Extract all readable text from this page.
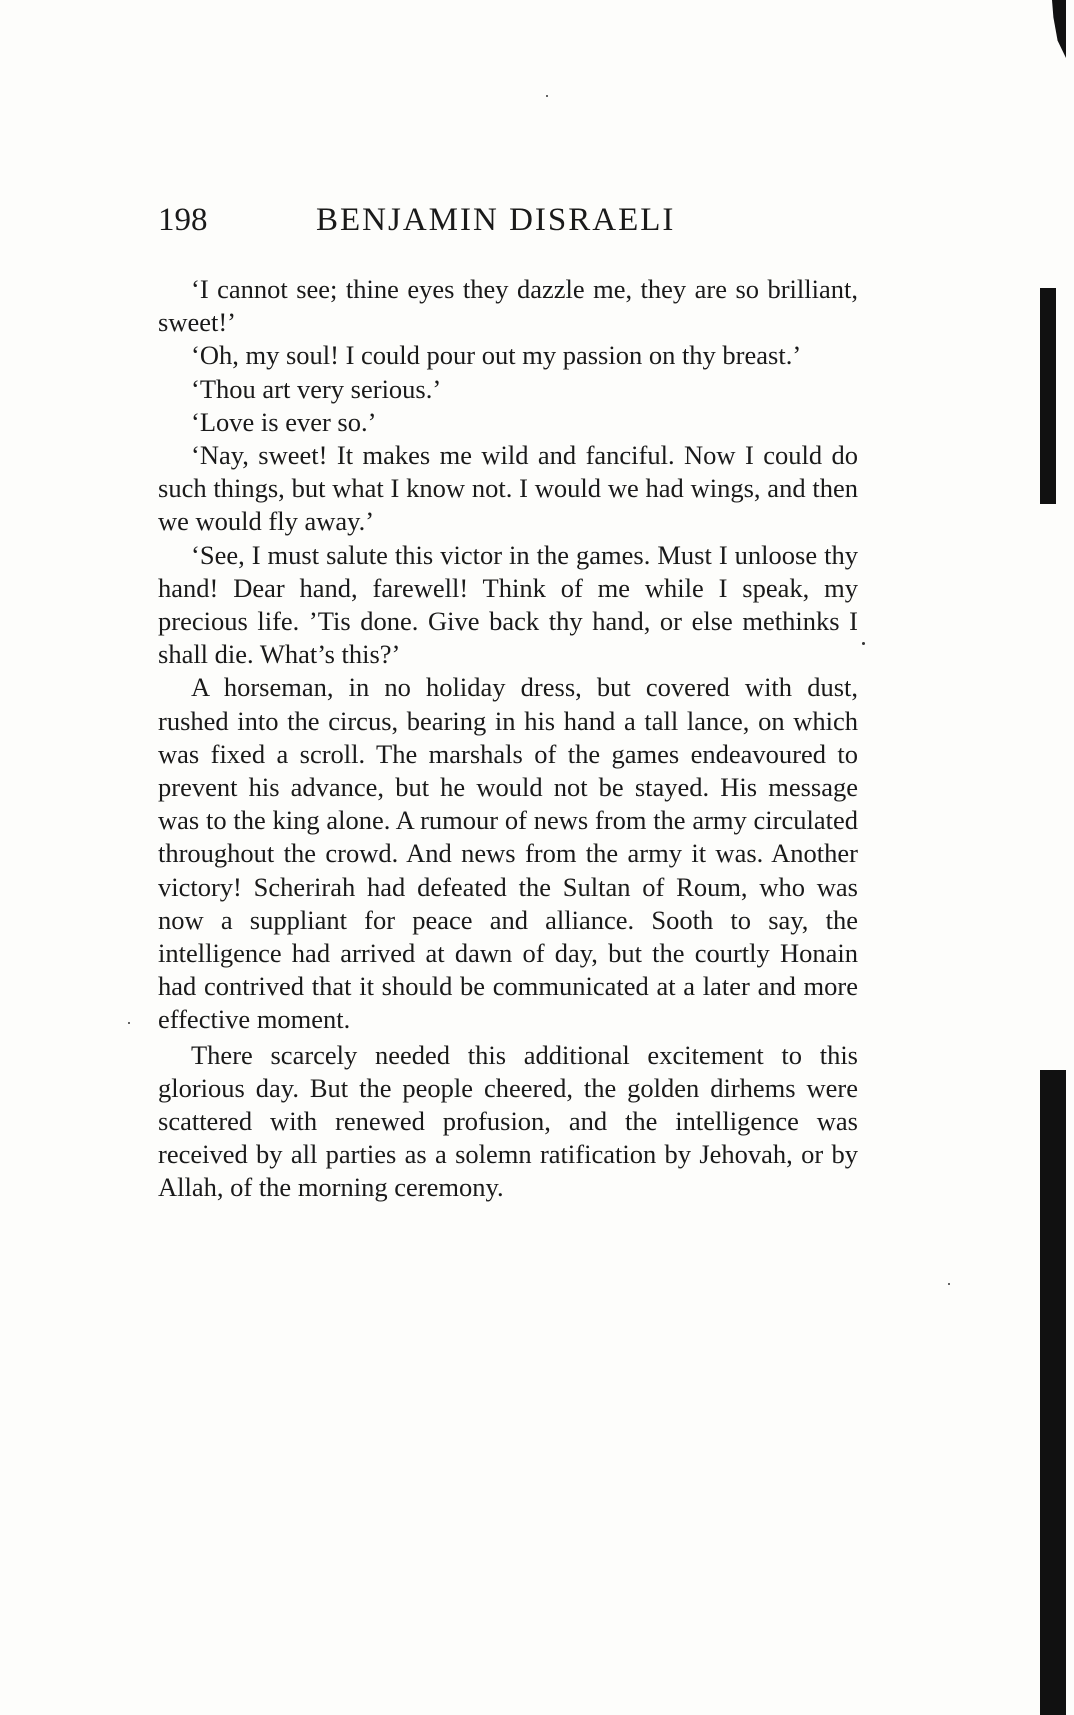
198	BENJAMIN DISRAELI

‘I cannot see; thine eyes they dazzle me, they are so brilliant, sweet!’

‘Oh, my soul! I could pour out my passion on thy breast.’

‘Thou art very serious.’

‘Love is ever so.’

‘Nay, sweet! It makes me wild and fanciful. Now I could do such things, but what I know not. I would we had wings, and then we would fly away.’

‘See, I must salute this victor in the games. Must I unloose thy hand! Dear hand, farewell! Think of me while I speak, my precious life. ’Tis done. Give back thy hand, or else methinks I shall die. What’s this?’

A horseman, in no holiday dress, but covered with dust, rushed into the circus, bearing in his hand a tall lance, on which was fixed a scroll. The marshals of the games endeavoured to prevent his advance, but he would not be stayed. His message was to the king alone. A rumour of news from the army circulated throughout the crowd. And news from the army it was. Another victory! Scherirah had defeated the Sultan of Roum, who was now a suppliant for peace and alliance. Sooth to say, the intelligence had arrived at dawn of day, but the courtly Honain had contrived that it should be communicated at a later and more effective moment.

There scarcely needed this additional excitement to this glorious day. But the people cheered, the golden dirhems were scattered with renewed profusion, and the intelligence was received by all parties as a solemn ratification by Jehovah, or by Allah, of the morning ceremony.
